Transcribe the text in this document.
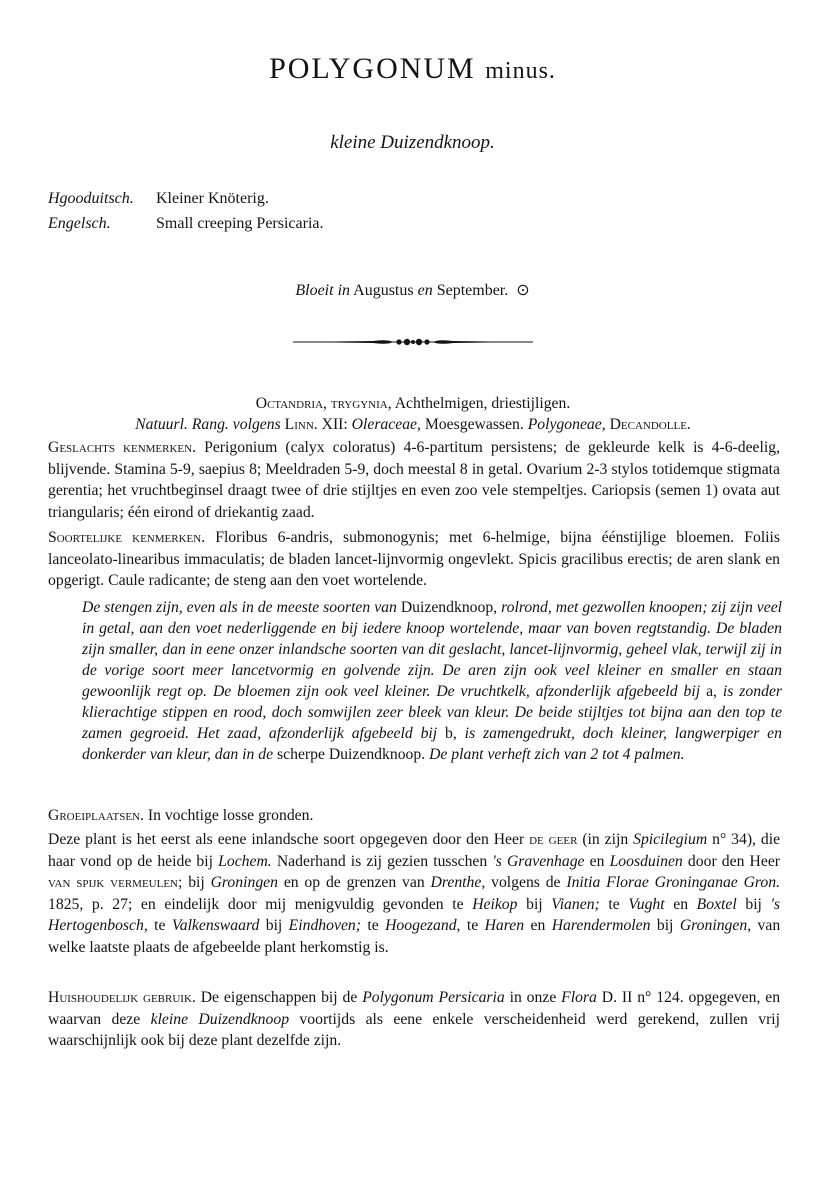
POLYGONUM minus.
kleine Duizendknoop.
Hgooduitsch.	Kleiner Knöterig.
Engelsch.	Small creeping Persicaria.
Bloeit in Augustus en September. ⊙
Octandria, trygynia, Achthelmigen, driestijligen.
Natuurl. Rang. volgens Linn. XII: Oleraceae, Moesgewassen. Polygoneae, Decandolle.
Geslachts kenmerken. Perigonium (calyx coloratus) 4-6-partitum persistens; de gekleurde kelk is 4-6-deelig, blijvende. Stamina 5-9, saepius 8; Meeldraden 5-9, doch meestal 8 in getal. Ovarium 2-3 stylos totidemque stigmata gerentia; het vruchtbeginsel draagt twee of drie stijltjes en even zoo vele stempeltjes. Cariopsis (semen 1) ovata aut triangularis; één eirond of driekantig zaad.
Soortelijke kenmerken. Floribus 6-andris, submonogynis; met 6-helmige, bijna éénstijlige bloemen. Foliis lanceolato-linearibus immaculatis; de bladen lancet-lijnvormig ongevlekt. Spicis gracilibus erectis; de aren slank en opgerigt. Caule radicante; de steng aan den voet wortelende.
De stengen zijn, even als in de meeste soorten van Duizendknoop, rolrond, met gezwollen knoopen; zij zijn veel in getal, aan den voet nederliggende en bij iedere knoop wortelende, maar van boven regtstandig. De bladen zijn smaller, dan in eene onzer inlandsche soorten van dit geslacht, lancet-lijnvormig, geheel vlak, terwijl zij in de vorige soort meer lancetvormig en golvende zijn. De aren zijn ook veel kleiner en smaller en staan gewoonlijk regt op. De bloemen zijn ook veel kleiner. De vruchtkelk, afzonderlijk afgebeeld bij a, is zonder klierachtige stippen en rood, doch somwijlen zeer bleek van kleur. De beide stijltjes tot bijna aan den top te zamen gegroeid. Het zaad, afzonderlijk afgebeeld bij b, is zamengedrukt, doch kleiner, langwerpiger en donkerder van kleur, dan in de scherpe Duizendknoop. De plant verheft zich van 2 tot 4 palmen.
Groeiplaatsen. In vochtige losse gronden.
Deze plant is het eerst als eene inlandsche soort opgegeven door den Heer de geer (in zijn Spicilegium n° 34), die haar vond op de heide bij Lochem. Naderhand is zij gezien tusschen 's Gravenhage en Loosduinen door den Heer van spijk vermeulen; bij Groningen en op de grenzen van Drenthe, volgens de Initia Florae Groninganae Gron. 1825, p. 27; en eindelijk door mij menigvuldig gevonden te Heikop bij Vianen; te Vught en Boxtel bij 's Hertogenbosch, te Valkenswaard bij Eindhoven; te Hoogezand, te Haren en Harendermolen bij Groningen, van welke laatste plaats de afgebeelde plant herkomstig is.
Huishoudelijk gebruik. De eigenschappen bij de Polygonum Persicaria in onze Flora D. II n° 124. opgegeven, en waarvan deze kleine Duizendknoop voortijds als eene enkele verscheidenheid werd gerekend, zullen vrij waarschijnlijk ook bij deze plant dezelfde zijn.
